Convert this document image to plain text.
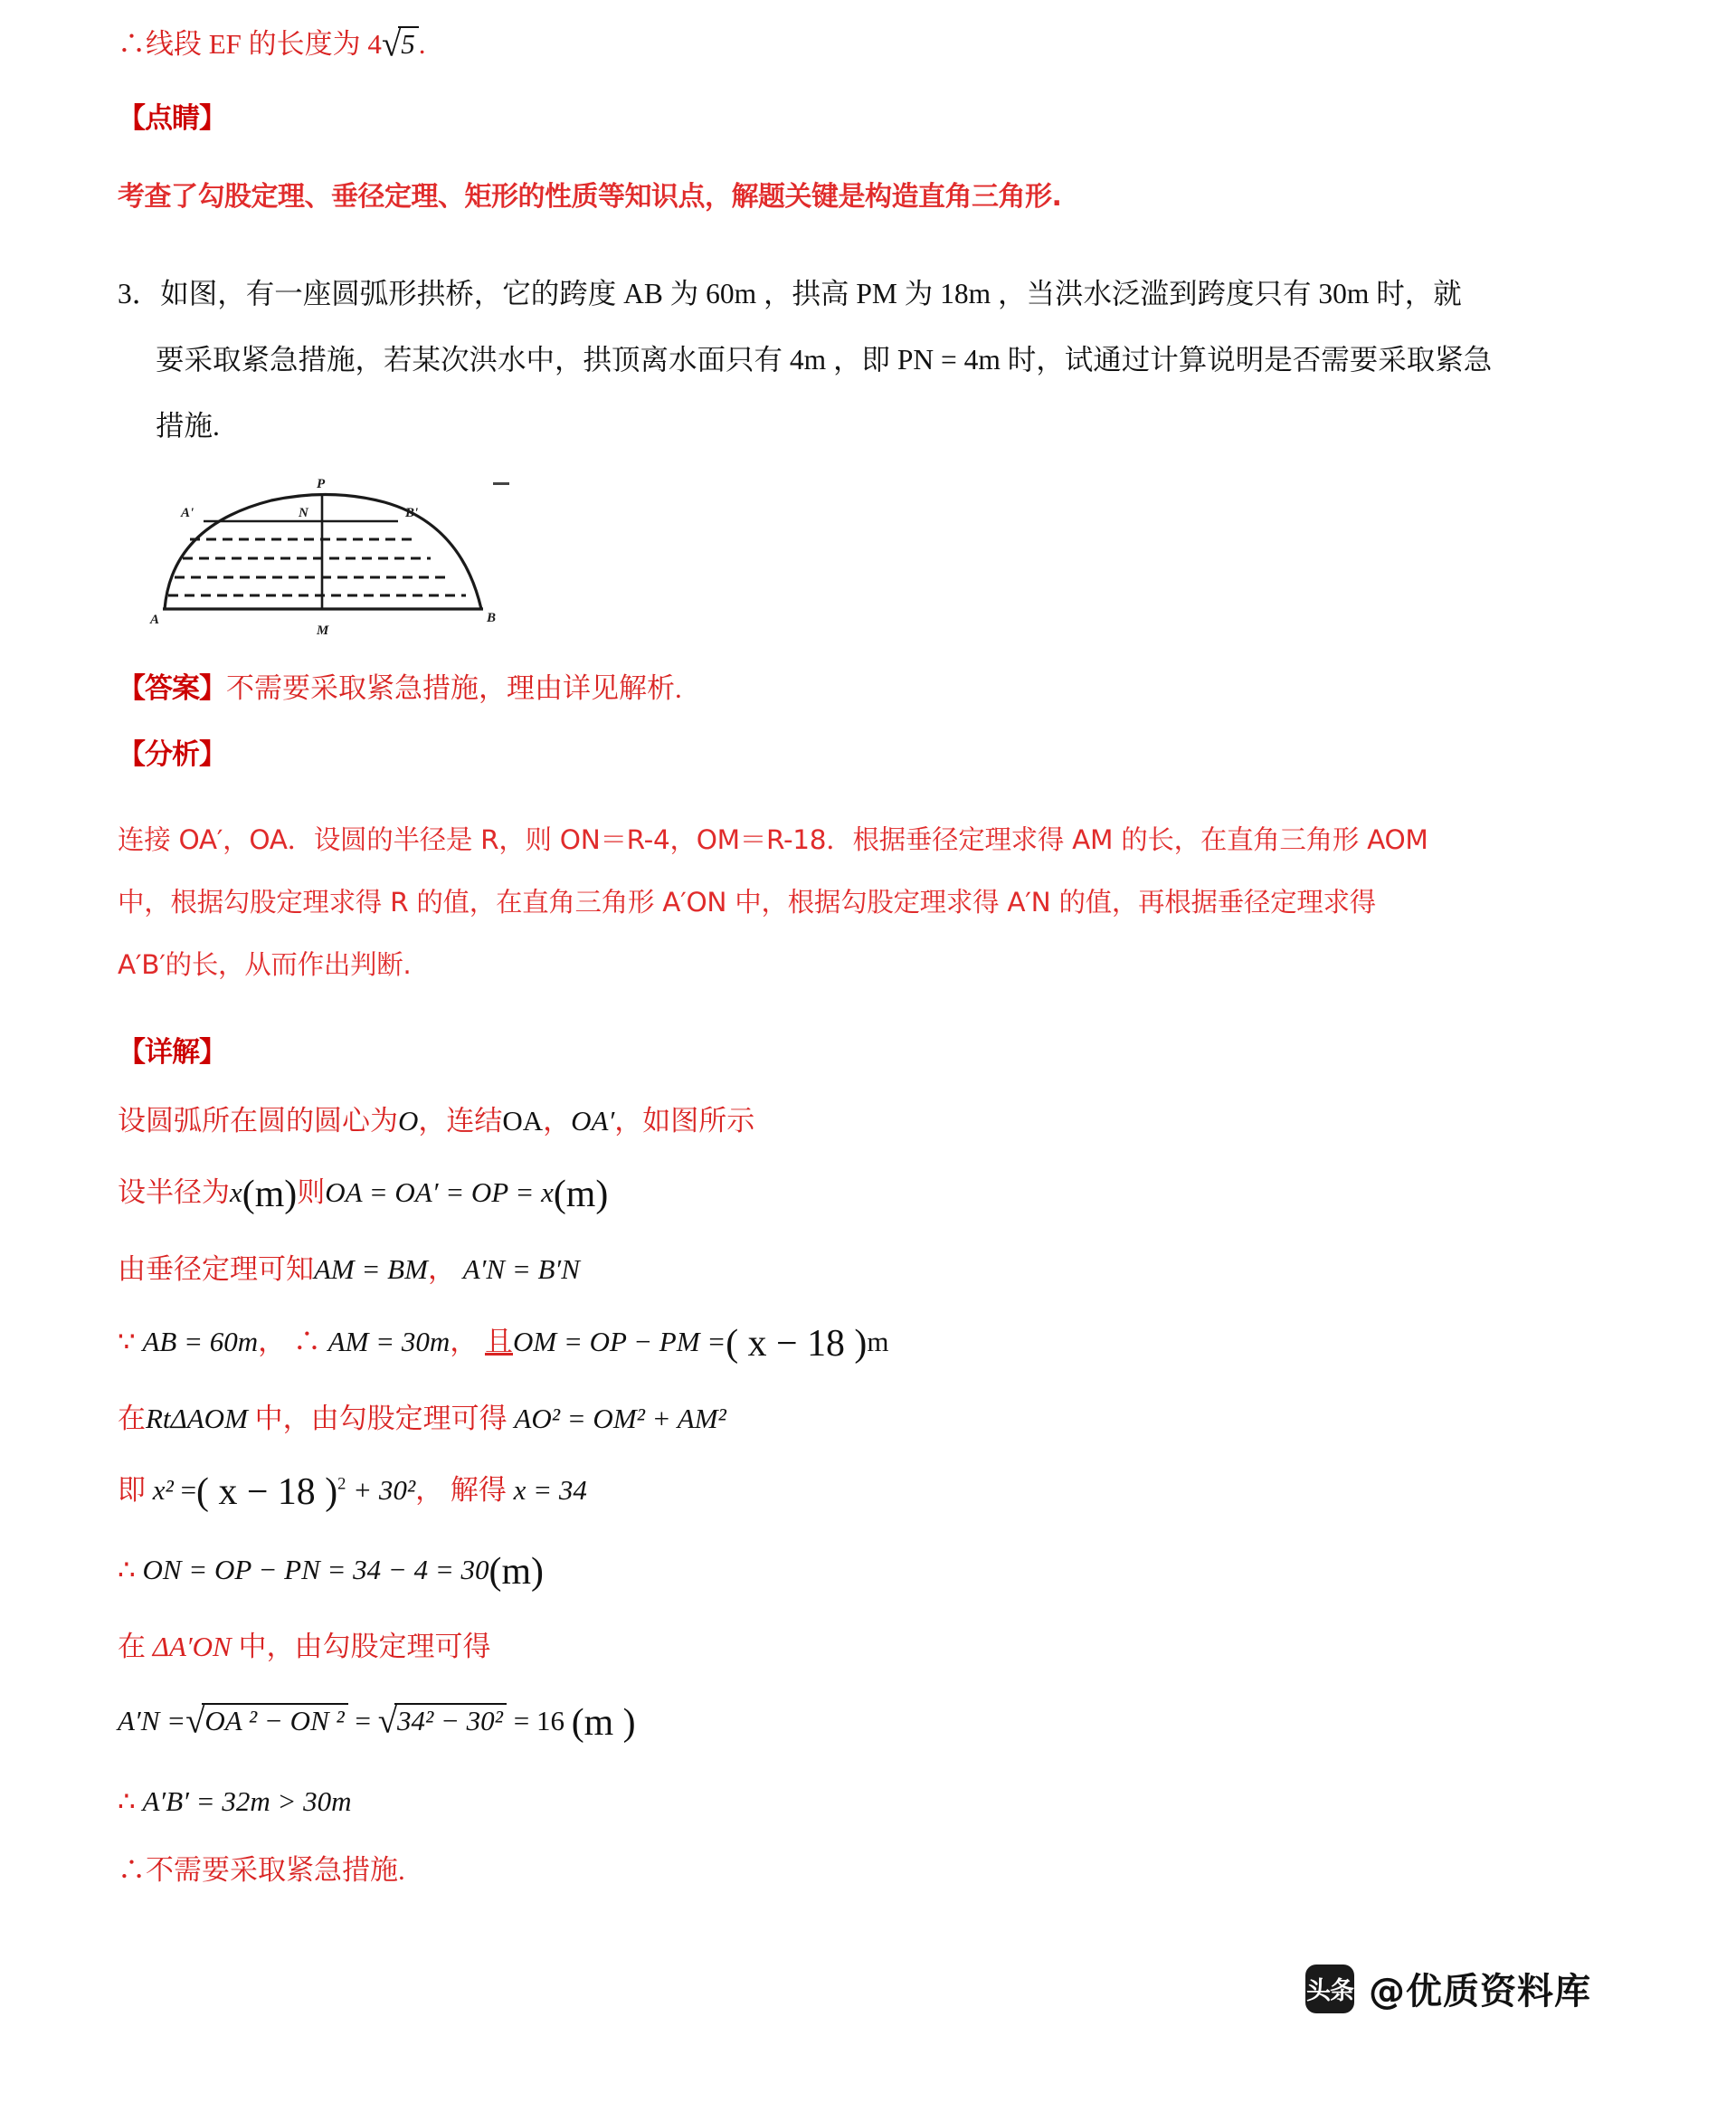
∴线段 EF 的长度为 4√5 .
【点睛】
考查了勾股定理、垂径定理、矩形的性质等知识点，解题关键是构造直角三角形.
3．如图，有一座圆弧形拱桥，它的跨度 AB 为 60m ，拱高 PM 为 18m ，当洪水泛滥到跨度只有 30m 时，就
要采取紧急措施，若某次洪水中，拱顶离水面只有 4m ，即 PN = 4m 时，试通过计算说明是否需要采取紧急
措施.
P
N
A'	B'
A
M
B
【答案】不需要采取紧急措施，理由详见解析.
【分析】
连接 OA′，OA．设圆的半径是 R，则 ON＝R-4，OM＝R-18．根据垂径定理求得 AM 的长，在直角三角形 AOM
中，根据勾股定理求得 R 的值，在直角三角形 A′ON 中，根据勾股定理求得 A′N 的值，再根据垂径定理求得
A′B′的长，从而作出判断.
【详解】
设圆弧所在圆的圆心为O，连结OA，OA′，如图所示
设半径为x(m)则OA = OA′ = OP = x(m)
由垂径定理可知AM = BM， A′N = B′N
∵ AB = 60m， ∴ AM = 30m， 且OM = OP − PM =( x − 18 )m
在RtΔAOM 中，由勾股定理可得 AO² = OM² + AM²
即 x² =( x − 18 )$^2$ + 30²， 解得 x = 34
∴ ON = OP − PN = 34 − 4 = 30(m)
在 ΔA′ON 中，由勾股定理可得
A′N =√OA ² − ON ² = √34² − 30² = 16 (m )
∴ A′B′ = 32m > 30m
∴不需要采取紧急措施.
头条 @优质资料库
